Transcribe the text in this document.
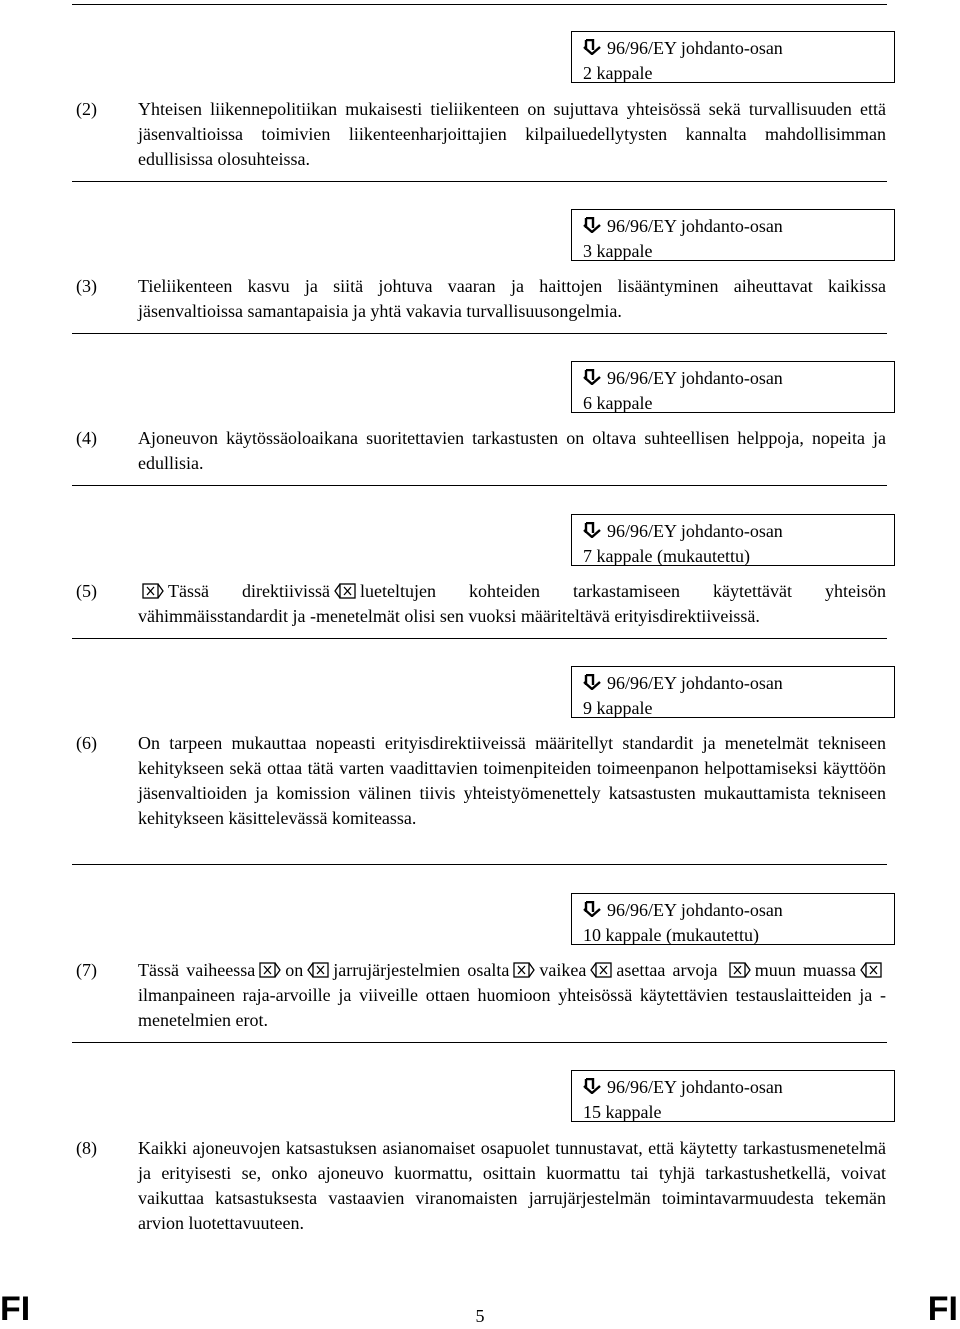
96/96/EY johdanto-osan
2 kappale
(2) Yhteisen liikennepolitiikan mukaisesti tieliikenteen on sujuttava yhteisössä sekä turvallisuuden että jäsenvaltioissa toimivien liikenteenharjoittajien kilpailuedellytysten kannalta mahdollisimman edullisissa olosuhteissa.
96/96/EY johdanto-osan
3 kappale
(3) Tieliikenteen kasvu ja siitä johtuva vaaran ja haittojen lisääntyminen aiheuttavat kaikissa jäsenvaltioissa samantapaisia ja yhtä vakavia turvallisuusongelmia.
96/96/EY johdanto-osan
6 kappale
(4) Ajoneuvon käytössäoloaikana suoritettavien tarkastusten on oltava suhteellisen helppoja, nopeita ja edullisia.
96/96/EY johdanto-osan
7 kappale (mukautettu)
(5)	Tässä direktiivissä lueteltujen kohteiden tarkastamiseen käytettävät yhteisön vähimmäisstandardit ja -menetelmät olisi sen vuoksi määriteltävä erityisdirektiiveissä.
96/96/EY johdanto-osan
9 kappale
(6) On tarpeen mukauttaa nopeasti erityisdirektiiveissä määritellyt standardit ja menetelmät tekniseen kehitykseen sekä ottaa tätä varten vaadittavien toimenpiteiden toimeenpanon helpottamiseksi käyttöön jäsenvaltioiden ja komission välinen tiivis yhteistyömenettely katsastusten mukauttamista tekniseen kehitykseen käsittelevässä komiteassa.
96/96/EY johdanto-osan
10 kappale (mukautettu)
(7) Tässä vaiheessa on jarrujärjestelmien osalta vaikea asettaa arvoja muun muassailmanpaineen raja-arvoille ja viiveille ottaen huomioon yhteisössä käytettävien testauslaitteiden ja -menetelmien erot.
96/96/EY johdanto-osan
15 kappale
(8) Kaikki ajoneuvojen katsastuksen asianomaiset osapuolet tunnustavat, että käytetty tarkastusmenetelmä ja erityisesti se, onko ajoneuvo kuormattu, osittain kuormattu tai tyhjä tarkastushetkellä, voivat vaikuttaa katsastuksesta vastaavien viranomaisten jarrujärjestelmän toimintavarmuudesta tekemän arvion luotettavuuteen.
FI	5	FI
